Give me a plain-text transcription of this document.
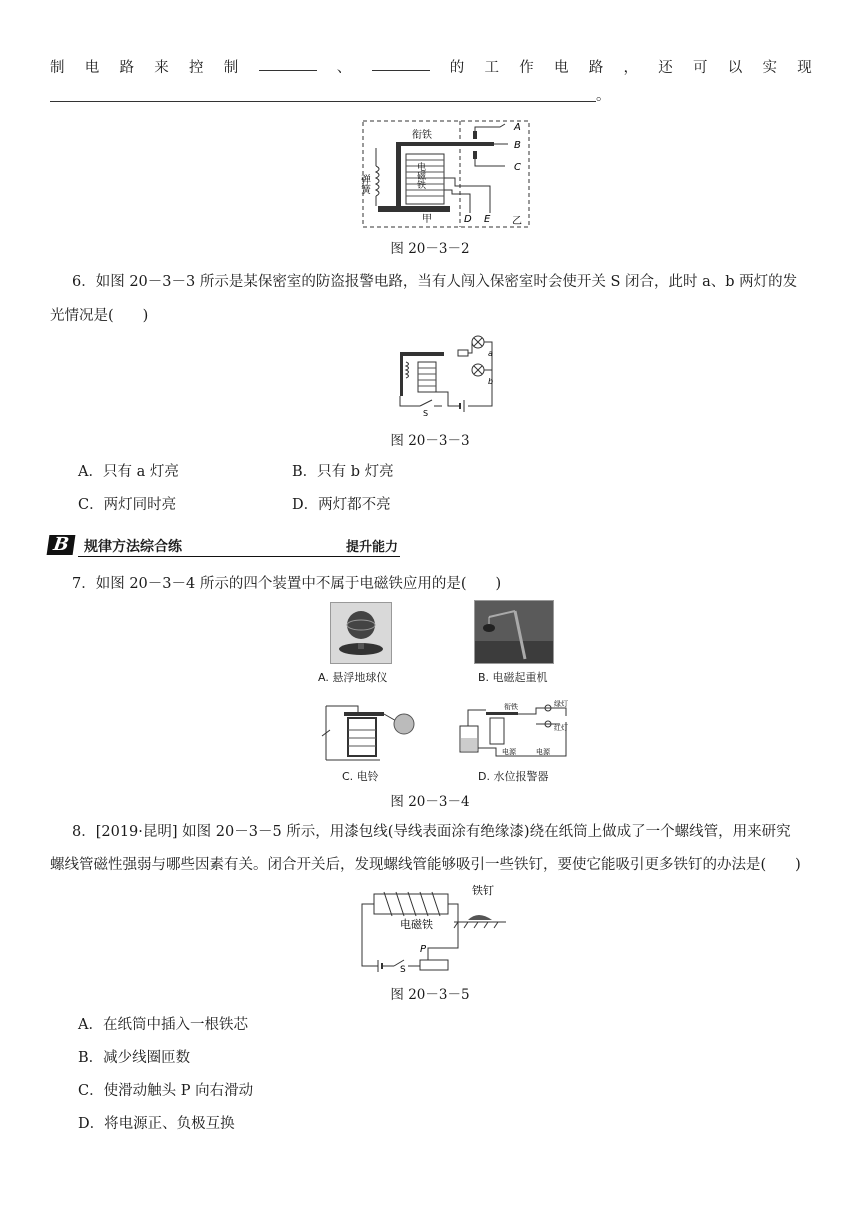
制 电 路 来 控 制	、	的 工 作 电 路 ， 还 可 以 实 现
。
衔铁
弹簧	电磁铁
甲	乙
A
B
C
D E
图 20－3－2
6．如图 20－3－3 所示是某保密室的防盗报警电路，当有人闯入保密室时会使开关 S 闭合，此时 a、b 两灯的发
光情况是(　　)
a
b
S
图 20－3－3
A．只有 a 灯亮	B．只有 b 灯亮
C．两灯同时亮	D．两灯都不亮
B 规律方法综合练	提升能力
7．如图 20－3－4 所示的四个装置中不属于电磁铁应用的是(　　)
A. 悬浮地球仪	B. 电磁起重机
C. 电铃
衔铁	绿灯
红灯
电源	电源
D. 水位报警器
图 20－3－4
8．[2019·昆明] 如图 20－3－5 所示，用漆包线(导线表面涂有绝缘漆)绕在纸筒上做成了一个螺线管，用来研究
螺线管磁性强弱与哪些因素有关。闭合开关后，发现螺线管能够吸引一些铁钉，要使它能吸引更多铁钉的办法是(　　)
铁钉
电磁铁
P
S
图 20－3－5
A．在纸筒中插入一根铁芯
B．减少线圈匝数
C．使滑动触头 P 向右滑动
D．将电源正、负极互换
